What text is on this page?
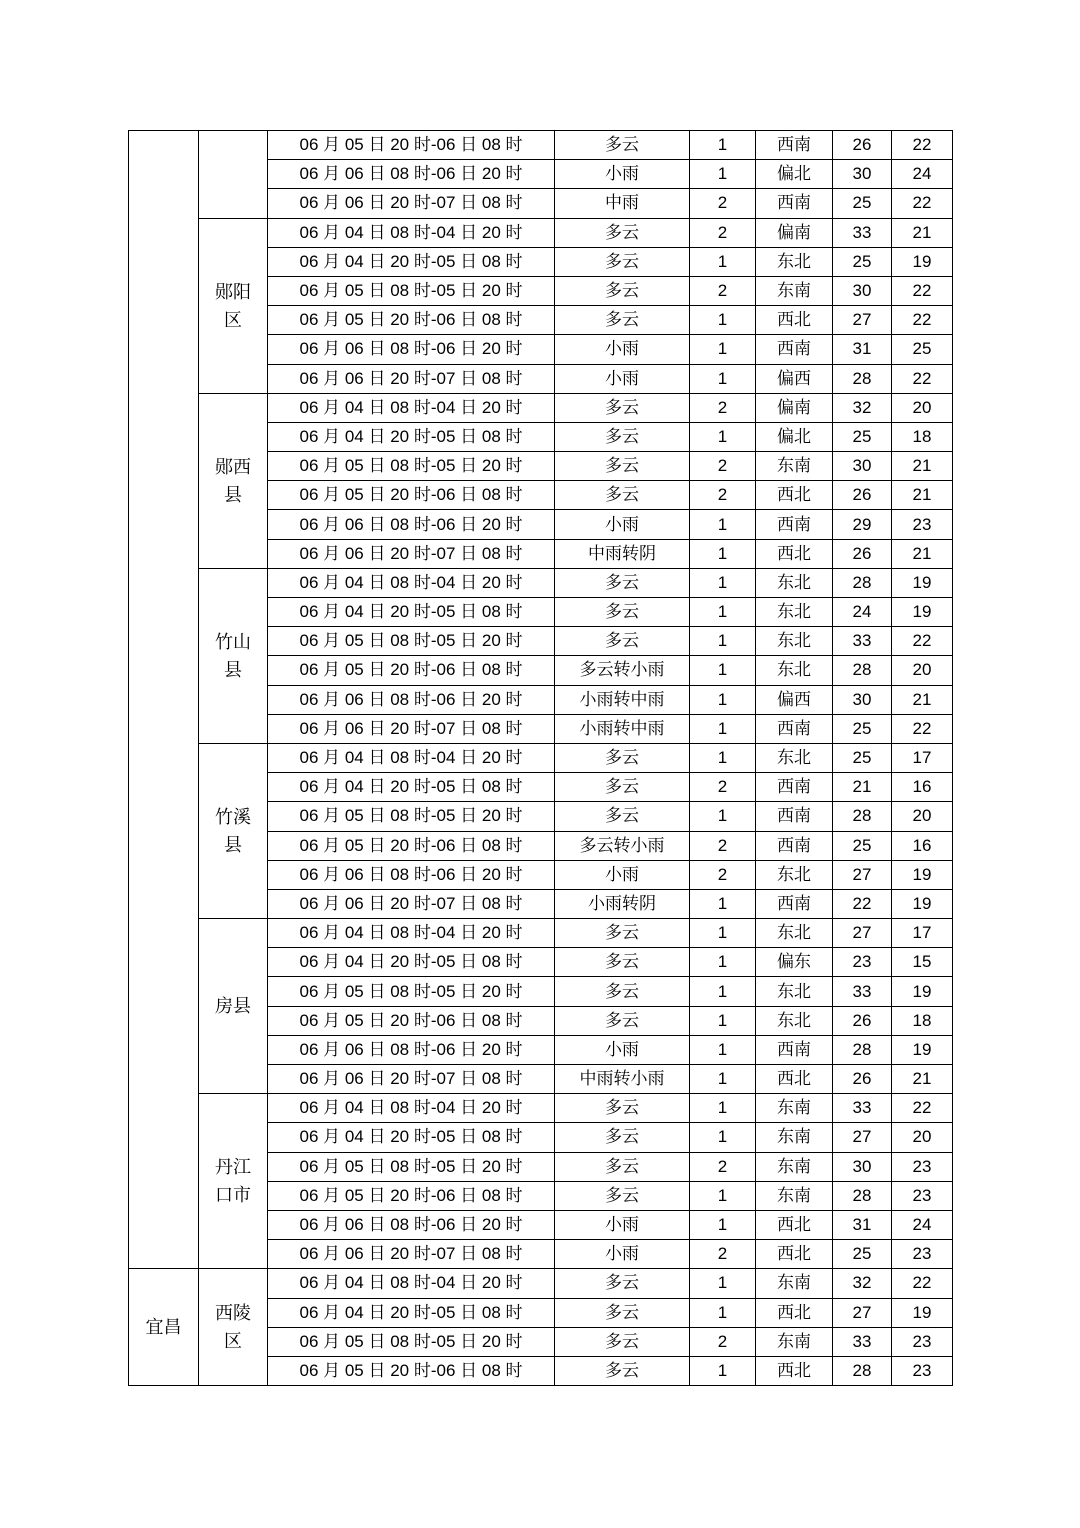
		06 月 05 日 20 时-06 日 08 时	多云	1	西南	26	22
		06 月 06 日 08 时-06 日 20 时	小雨	1	偏北	30	24
		06 月 06 日 20 时-07 日 08 时	中雨	2	西南	25	22
	郧阳区	06 月 04 日 08 时-04 日 20 时	多云	2	偏南	33	21
		06 月 04 日 20 时-05 日 08 时	多云	1	东北	25	19
		06 月 05 日 08 时-05 日 20 时	多云	2	东南	30	22
		06 月 05 日 20 时-06 日 08 时	多云	1	西北	27	22
		06 月 06 日 08 时-06 日 20 时	小雨	1	西南	31	25
		06 月 06 日 20 时-07 日 08 时	小雨	1	偏西	28	22
	郧西县	06 月 04 日 08 时-04 日 20 时	多云	2	偏南	32	20
		06 月 04 日 20 时-05 日 08 时	多云	1	偏北	25	18
		06 月 05 日 08 时-05 日 20 时	多云	2	东南	30	21
		06 月 05 日 20 时-06 日 08 时	多云	2	西北	26	21
		06 月 06 日 08 时-06 日 20 时	小雨	1	西南	29	23
		06 月 06 日 20 时-07 日 08 时	中雨转阴	1	西北	26	21
	竹山县	06 月 04 日 08 时-04 日 20 时	多云	1	东北	28	19
		06 月 04 日 20 时-05 日 08 时	多云	1	东北	24	19
		06 月 05 日 08 时-05 日 20 时	多云	1	东北	33	22
		06 月 05 日 20 时-06 日 08 时	多云转小雨	1	东北	28	20
		06 月 06 日 08 时-06 日 20 时	小雨转中雨	1	偏西	30	21
		06 月 06 日 20 时-07 日 08 时	小雨转中雨	1	西南	25	22
	竹溪县	06 月 04 日 08 时-04 日 20 时	多云	1	东北	25	17
		06 月 04 日 20 时-05 日 08 时	多云	2	西南	21	16
		06 月 05 日 08 时-05 日 20 时	多云	1	西南	28	20
		06 月 05 日 20 时-06 日 08 时	多云转小雨	2	西南	25	16
		06 月 06 日 08 时-06 日 20 时	小雨	2	东北	27	19
		06 月 06 日 20 时-07 日 08 时	小雨转阴	1	西南	22	19
	房县	06 月 04 日 08 时-04 日 20 时	多云	1	东北	27	17
		06 月 04 日 20 时-05 日 08 时	多云	1	偏东	23	15
		06 月 05 日 08 时-05 日 20 时	多云	1	东北	33	19
		06 月 05 日 20 时-06 日 08 时	多云	1	东北	26	18
		06 月 06 日 08 时-06 日 20 时	小雨	1	西南	28	19
		06 月 06 日 20 时-07 日 08 时	中雨转小雨	1	西北	26	21
	丹江口市	06 月 04 日 08 时-04 日 20 时	多云	1	东南	33	22
		06 月 04 日 20 时-05 日 08 时	多云	1	东南	27	20
		06 月 05 日 08 时-05 日 20 时	多云	2	东南	30	23
		06 月 05 日 20 时-06 日 08 时	多云	1	东南	28	23
		06 月 06 日 08 时-06 日 20 时	小雨	1	西北	31	24
		06 月 06 日 20 时-07 日 08 时	小雨	2	西北	25	23
宜昌	西陵区	06 月 04 日 08 时-04 日 20 时	多云	1	东南	32	22
		06 月 04 日 20 时-05 日 08 时	多云	1	西北	27	19
		06 月 05 日 08 时-05 日 20 时	多云	2	东南	33	23
		06 月 05 日 20 时-06 日 08 时	多云	1	西北	28	23
